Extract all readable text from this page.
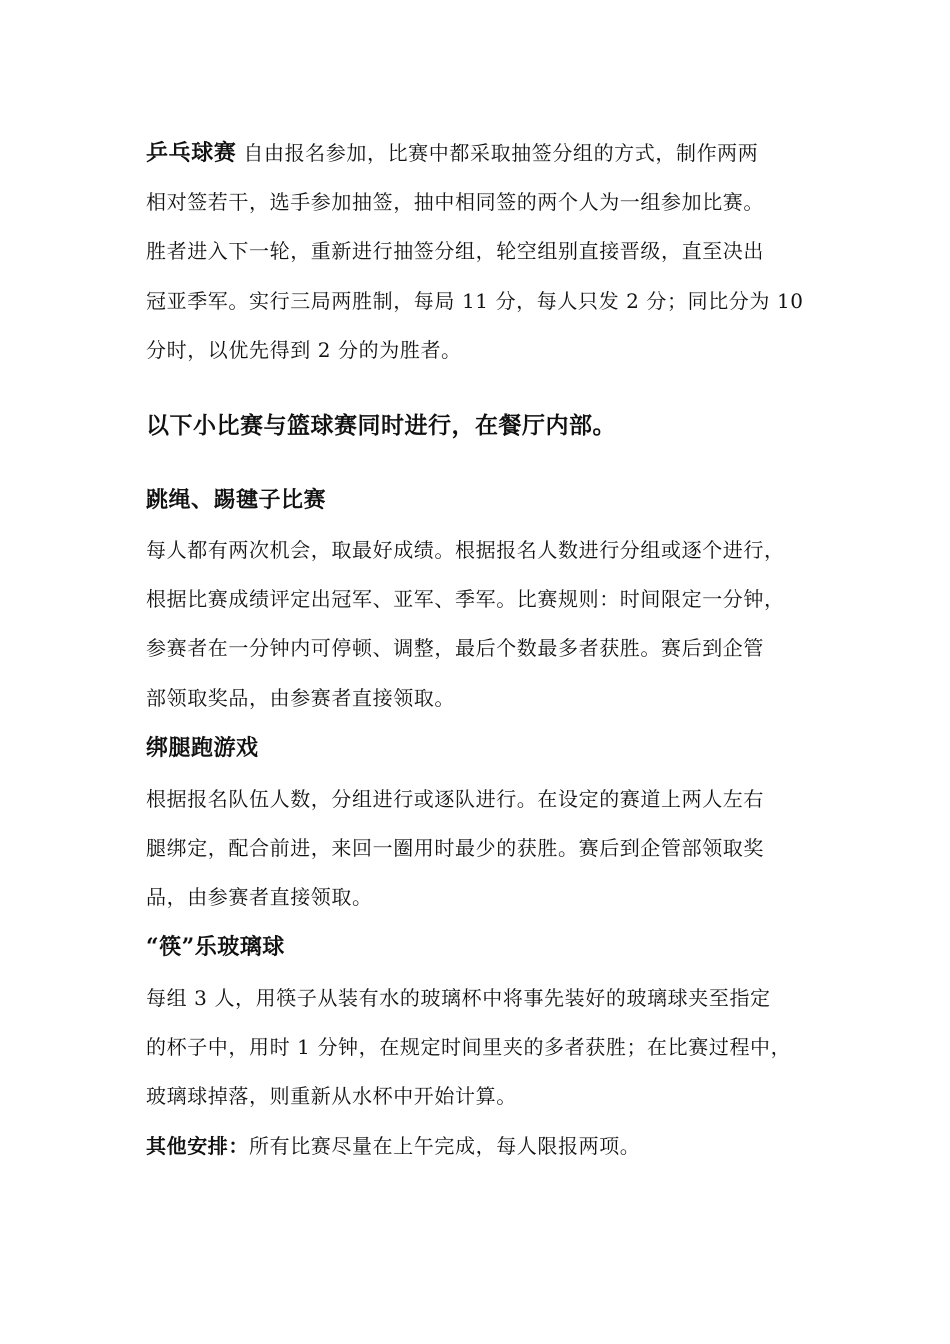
乒乓球赛 自由报名参加，比赛中都采取抽签分组的方式，制作两两
相对签若干，选手参加抽签，抽中相同签的两个人为一组参加比赛。
胜者进入下一轮，重新进行抽签分组，轮空组别直接晋级，直至决出
冠亚季军。实行三局两胜制，每局 11 分，每人只发 2 分；同比分为 10
分时，以优先得到 2 分的为胜者。
以下小比赛与篮球赛同时进行，在餐厅内部。
跳绳、踢毽子比赛
每人都有两次机会，取最好成绩。根据报名人数进行分组或逐个进行，
根据比赛成绩评定出冠军、亚军、季军。比赛规则：时间限定一分钟，
参赛者在一分钟内可停顿、调整，最后个数最多者获胜。赛后到企管
部领取奖品，由参赛者直接领取。
绑腿跑游戏
根据报名队伍人数，分组进行或逐队进行。在设定的赛道上两人左右
腿绑定，配合前进，来回一圈用时最少的获胜。赛后到企管部领取奖
品，由参赛者直接领取。
“筷”乐玻璃球
每组 3 人，用筷子从装有水的玻璃杯中将事先装好的玻璃球夹至指定
的杯子中，用时 1 分钟，在规定时间里夹的多者获胜；在比赛过程中，
玻璃球掉落，则重新从水杯中开始计算。
其他安排：所有比赛尽量在上午完成，每人限报两项。
